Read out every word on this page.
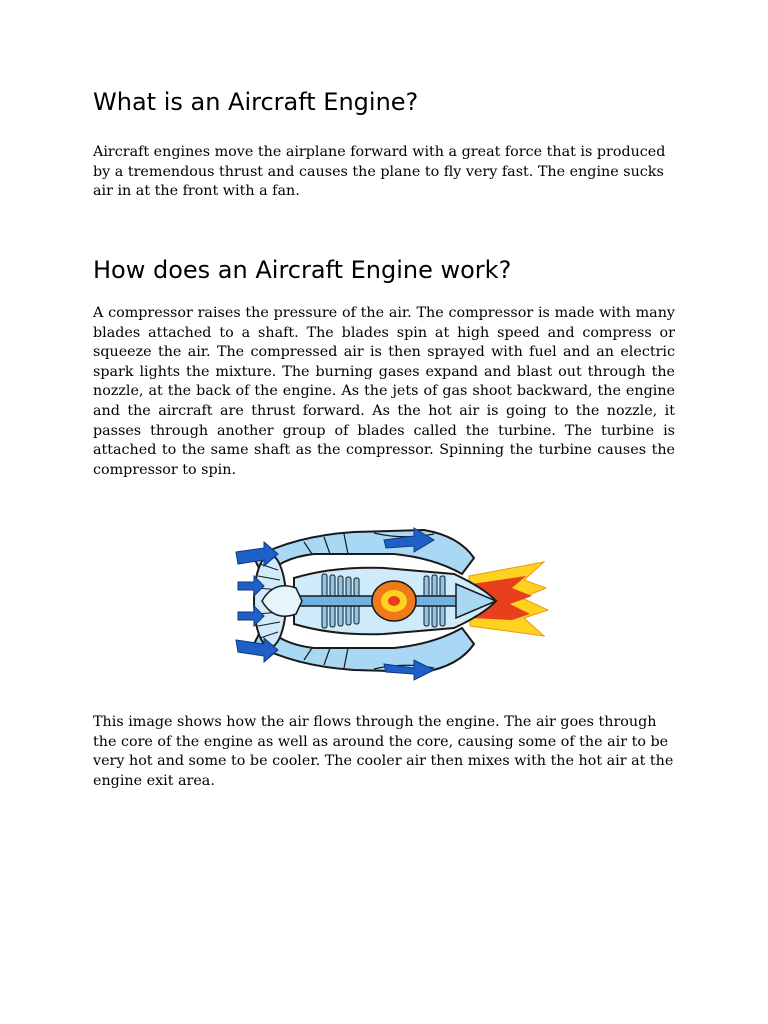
What is an Aircraft Engine?

Aircraft engines move the airplane forward with a great force that is produced by a tremendous thrust and causes the plane to fly very fast. The engine sucks air in at the front with a fan.

How does an Aircraft Engine work?

A compressor raises the pressure of the air. The compressor is made with many blades attached to a shaft. The blades spin at high speed and compress or squeeze the air. The compressed air is then sprayed with fuel and an electric spark lights the mixture. The burning gases expand and blast out through the nozzle, at the back of the engine. As the jets of gas shoot backward, the engine and the aircraft are thrust forward. As the hot air is going to the nozzle, it passes through another group of blades called the turbine. The turbine is attached to the same shaft as the compressor. Spinning the turbine causes the compressor to spin.

This image shows how the air flows through the engine. The air goes through the core of the engine as well as around the core, causing some of the air to be very hot and some to be cooler. The cooler air then mixes with the hot air at the engine exit area.
